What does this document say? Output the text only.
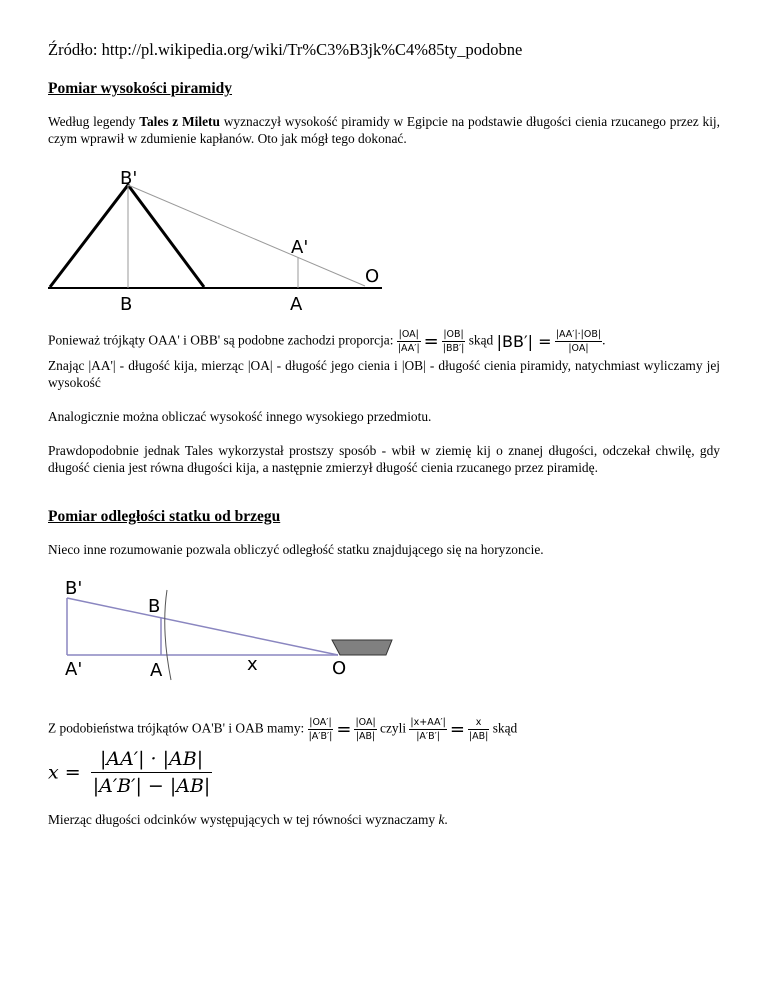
Źródło: http://pl.wikipedia.org/wiki/Tr%C3%B3jk%C4%85ty_podobne
Pomiar wysokości piramidy
Według legendy Tales z Miletu wyznaczył wysokość piramidy w Egipcie na podstawie długości cienia rzucanego przez kij, czym wprawił w zdumienie kapłanów. Oto jak mógł tego dokonać.
B'
A'
O
B	A
Ponieważ trójkąty OAA' i OBB' są podobne zachodzi proporcja: $\frac{|OA|}{|AA'|} = \frac{|OB|}{|BB'|}$ skąd $|BB'| = \frac{|AA'|\cdot|OB|}{|OA|}$ .
Znając |AA'| - długość kija, mierząc |OA| - długość jego cienia i |OB| - długość cienia piramidy, natychmiast wyliczamy jej wysokość
Analogicznie można obliczać wysokość innego wysokiego przedmiotu.
Prawdopodobnie jednak Tales wykorzystał prostszy sposób - wbił w ziemię kij o znanej długości, odczekał chwilę, gdy długość cienia jest równa długości kija, a następnie zmierzył długość cienia rzucanego przez piramidę.
Pomiar odległości statku od brzegu
Nieco inne rozumowanie pozwala obliczyć odległość statku znajdującego się na horyzoncie.
B'
B
A'	A	x	O
Z podobieństwa trójkątów OA'B' i OAB mamy: $\frac{|OA'|}{|A'B'|} = \frac{|OA|}{|AB|}$ czyli $\frac{|x+AA'|}{|A'B'|} = \frac{x}{|AB|}$ skąd
$x = \frac{|AA'| \cdot |AB|}{|A'B'| - |AB|}$
Mierząc długości odcinków występujących w tej równości wyznaczamy k.
